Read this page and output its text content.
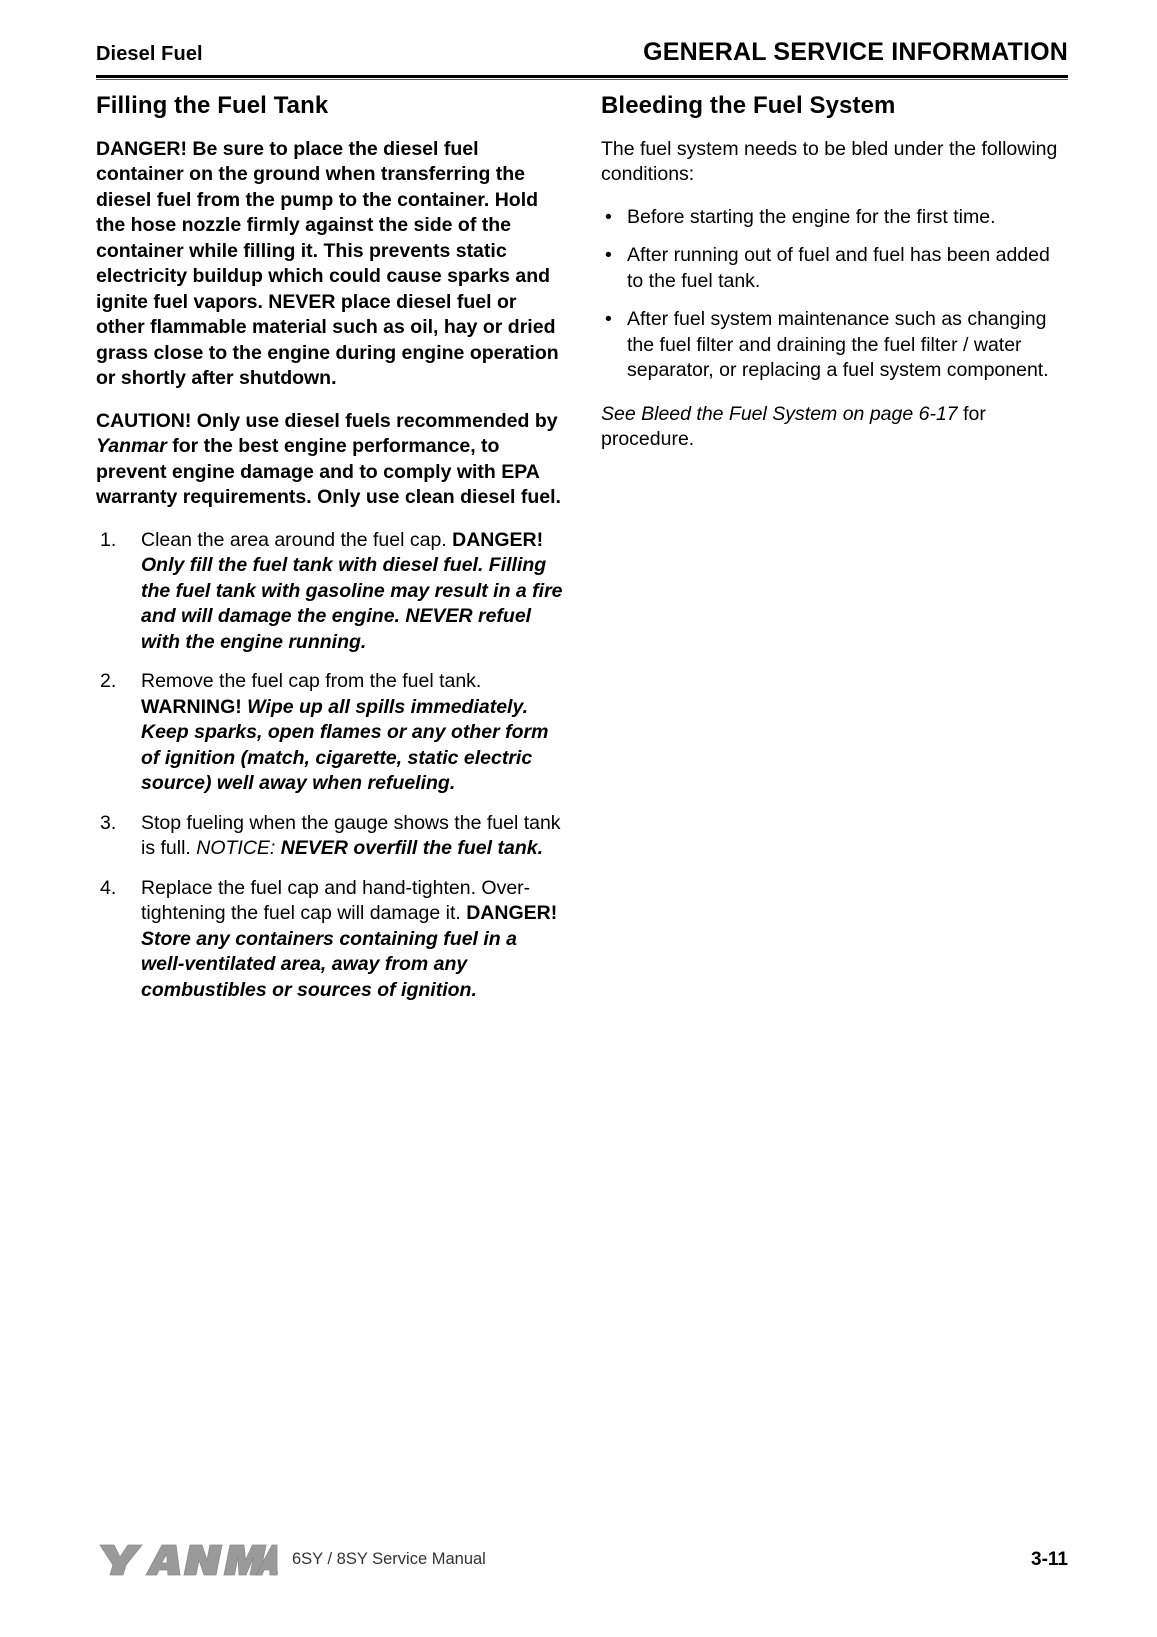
Diesel Fuel	GENERAL SERVICE INFORMATION
Filling the Fuel Tank

DANGER! Be sure to place the diesel fuel container on the ground when transferring the diesel fuel from the pump to the container. Hold the hose nozzle firmly against the side of the container while filling it. This prevents static electricity buildup which could cause sparks and ignite fuel vapors. NEVER place diesel fuel or other flammable material such as oil, hay or dried grass close to the engine during engine operation or shortly after shutdown.

CAUTION! Only use diesel fuels recommended by Yanmar for the best engine performance, to prevent engine damage and to comply with EPA warranty requirements. Only use clean diesel fuel.

1.	Clean the area around the fuel cap. DANGER! Only fill the fuel tank with diesel fuel. Filling the fuel tank with gasoline may result in a fire and will damage the engine. NEVER refuel with the engine running.
2.	Remove the fuel cap from the fuel tank. WARNING! Wipe up all spills immediately. Keep sparks, open flames or any other form of ignition (match, cigarette, static electric source) well away when refueling.
3.	Stop fueling when the gauge shows the fuel tank is full. NOTICE: NEVER overfill the fuel tank.
4.	Replace the fuel cap and hand-tighten. Over-tightening the fuel cap will damage it. DANGER! Store any containers containing fuel in a well-ventilated area, away from any combustibles or sources of ignition.
Bleeding the Fuel System

The fuel system needs to be bled under the following conditions:

• Before starting the engine for the first time.
• After running out of fuel and fuel has been added to the fuel tank.
• After fuel system maintenance such as changing the fuel filter and draining the fuel filter / water separator, or replacing a fuel system component.

See Bleed the Fuel System on page 6-17 for procedure.

6SY / 8SY Service Manual	3-11
